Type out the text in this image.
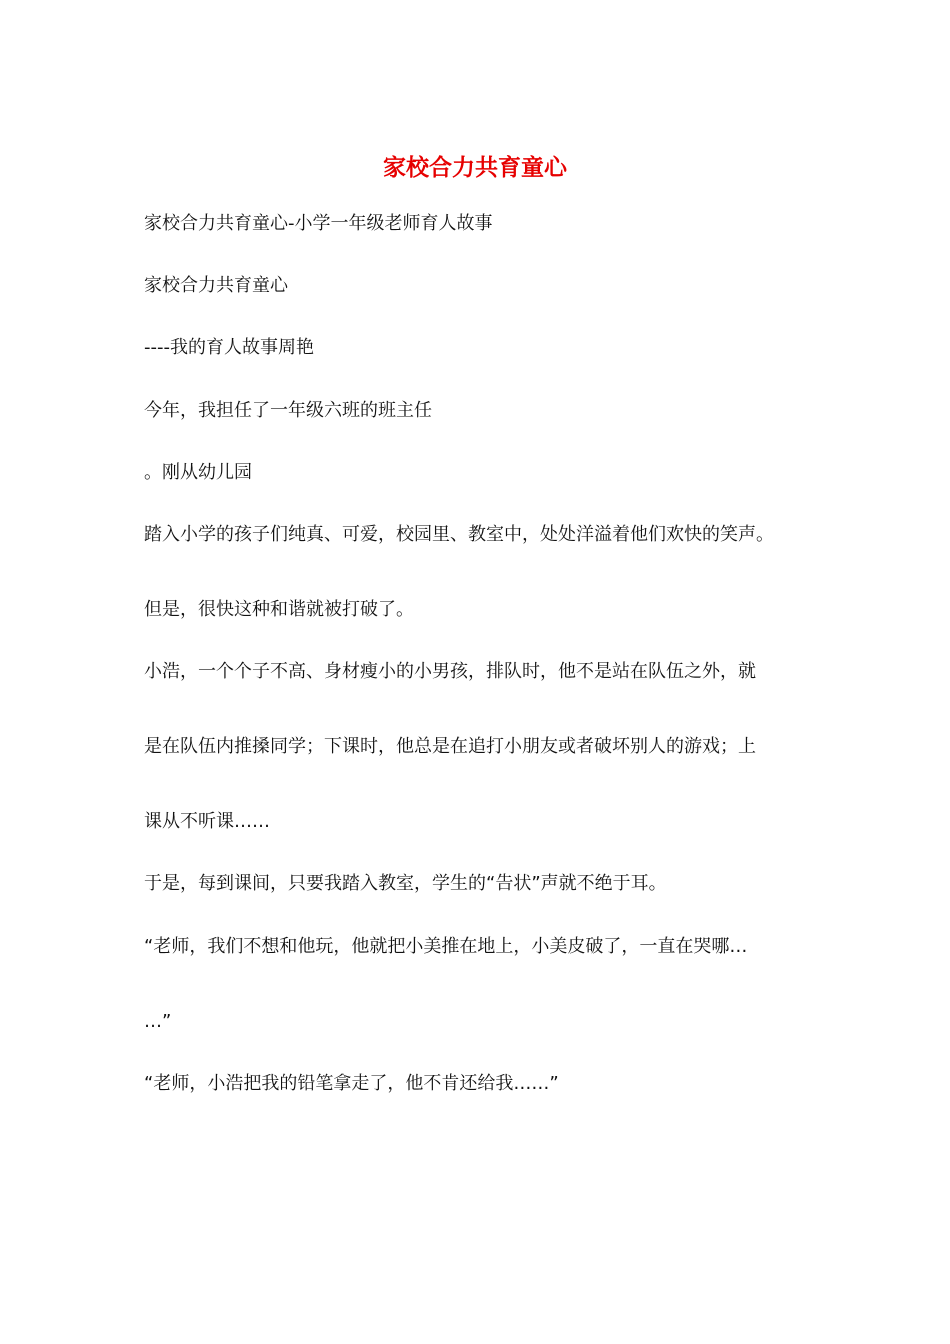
家校合力共育童心

家校合力共育童心-小学一年级老师育人故事

家校合力共育童心

----我的育人故事周艳

今年，我担任了一年级六班的班主任

。刚从幼儿园

踏入小学的孩子们纯真、可爱，校园里、教室中，处处洋溢着他们欢快的笑声。

但是，很快这种和谐就被打破了。

小浩，一个个子不高、身材瘦小的小男孩，排队时，他不是站在队伍之外，就

是在队伍内推搡同学；下课时，他总是在追打小朋友或者破坏别人的游戏；上

课从不听课……

于是，每到课间，只要我踏入教室，学生的“告状”声就不绝于耳。

“老师，我们不想和他玩，他就把小美推在地上，小美皮破了，一直在哭哪…

…”

“老师，小浩把我的铅笔拿走了，他不肯还给我……”
